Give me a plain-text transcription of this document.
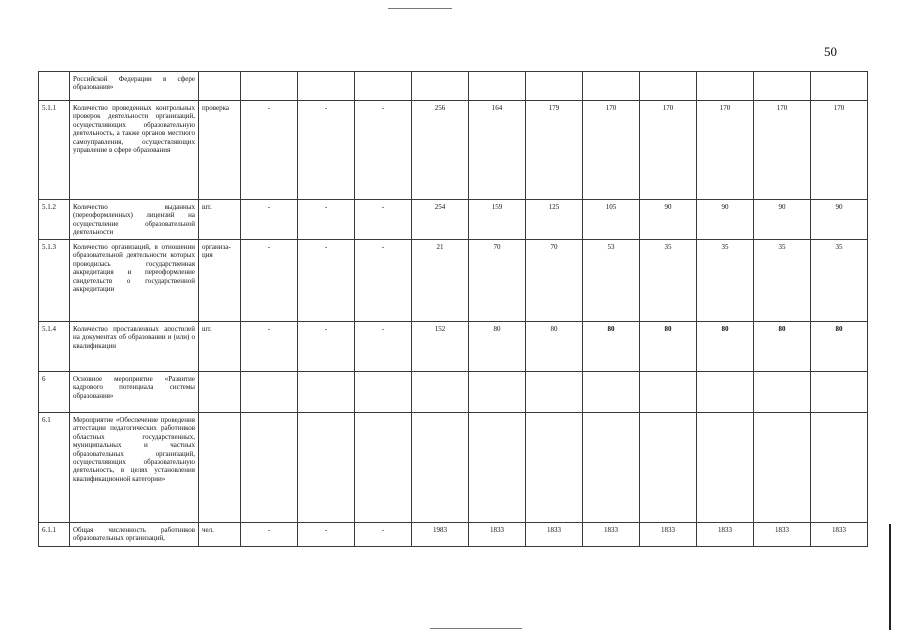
50
	Российской Федерации в сфере образования»												
5.1.1	Количество проведенных контрольных проверок деятельности организаций, осуществляющих образовательную деятельность, а также органов местного самоуправления, осуществляющих управление в сфере образования	проверка	-	-	-	256	164	179	170	170	170	170	170
5.1.2	Количество выданных (переоформленных) лицензий на осуществление образовательной деятельности	шт.	-	-	-	254	159	125	105	90	90	90	90
5.1.3	Количество организаций, в отношении образовательной деятельности которых проводилась государственная аккредитация и переоформление свидетельств о государственной аккредитации	организа-ция	-	-	-	21	70	70	53	35	35	35	35
5.1.4	Количество проставленных апостилей на документах об образовании и (или) о квалификации	шт.	-	-	-	152	80	80	80	80	80	80	80
6	Основное мероприятие «Развитие кадрового потенциала системы образования»												
6.1	Мероприятие «Обеспечение проведения аттестации педагогических работников областных государственных, муниципальных и частных образовательных организаций, осуществляющих образовательную деятельность, в целях установления квалификационной категории»												
6.1.1	Общая численность работников образовательных организаций,	чел.	-	-	-	1983	1833	1833	1833	1833	1833	1833	1833
